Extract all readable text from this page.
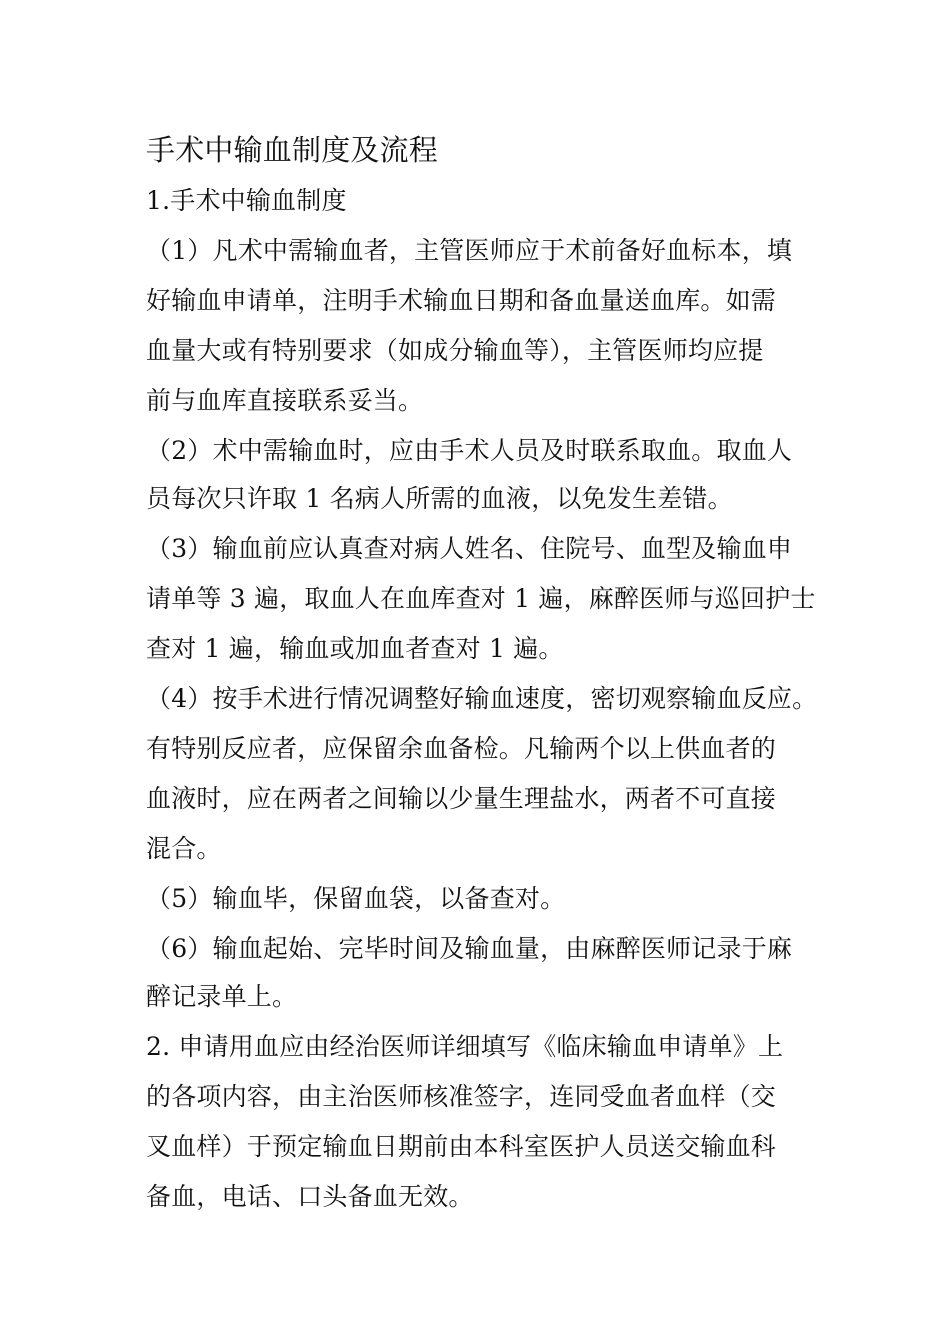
手术中输血制度及流程
1.手术中输血制度
（1）凡术中需输血者，主管医师应于术前备好血标本，填
好输血申请单，注明手术输血日期和备血量送血库。如需
血量大或有特别要求（如成分输血等），主管医师均应提
前与血库直接联系妥当。
（2）术中需输血时，应由手术人员及时联系取血。取血人
员每次只许取 1 名病人所需的血液，以免发生差错。
（3）输血前应认真查对病人姓名、住院号、血型及输血申
请单等 3 遍，取血人在血库查对 1 遍，麻醉医师与巡回护士
查对 1 遍，输血或加血者查对 1 遍。
（4）按手术进行情况调整好输血速度，密切观察输血反应。
有特别反应者，应保留余血备检。凡输两个以上供血者的
血液时，应在两者之间输以少量生理盐水，两者不可直接
混合。
（5）输血毕，保留血袋，以备查对。
（6）输血起始、完毕时间及输血量，由麻醉医师记录于麻
醉记录单上。
2. 申请用血应由经治医师详细填写《临床输血申请单》上
的各项内容，由主治医师核准签字，连同受血者血样（交
叉血样）于预定输血日期前由本科室医护人员送交输血科
备血，电话、口头备血无效。
